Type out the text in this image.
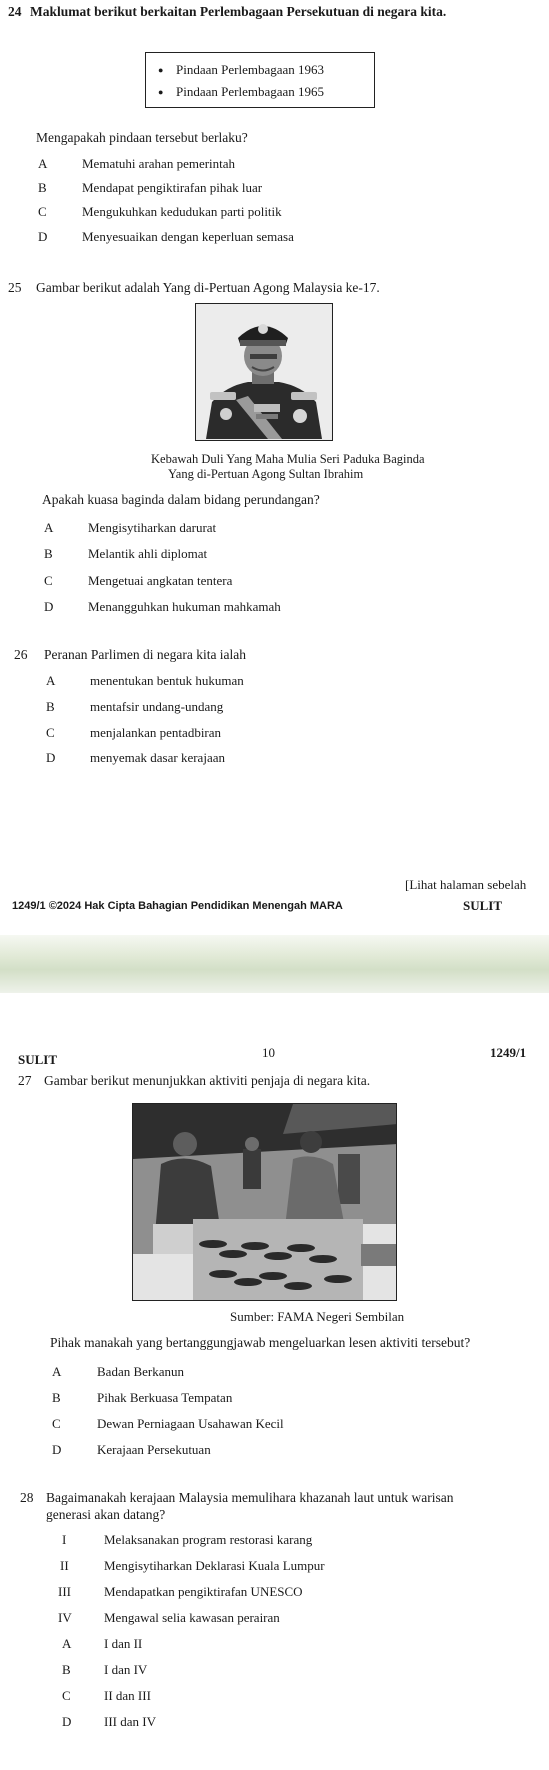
24 Maklumat berikut berkaitan Perlembagaan Persekutuan di negara kita.
● Pindaan Perlembagaan 1963
● Pindaan Perlembagaan 1965
Mengapakah pindaan tersebut berlaku?
A	Mematuhi arahan pemerintah
B	Mendapat pengiktirafan pihak luar
C	Mengukuhkan kedudukan parti politik
D	Menyesuaikan dengan keperluan semasa
25 Gambar berikut adalah Yang di-Pertuan Agong Malaysia ke-17.
Kebawah Duli Yang Maha Mulia Seri Paduka Baginda
Yang di-Pertuan Agong Sultan Ibrahim
Apakah kuasa baginda dalam bidang perundangan?
A	Mengisytiharkan darurat
B	Melantik ahli diplomat
C	Mengetuai angkatan tentera
D	Menangguhkan hukuman mahkamah
26 Peranan Parlimen di negara kita ialah
A	menentukan bentuk hukuman
B	mentafsir undang-undang
C	menjalankan pentadbiran
D	menyemak dasar kerajaan
[Lihat halaman sebelah
1249/1 ©2024 Hak Cipta Bahagian Pendidikan Menengah MARA	SULIT
SULIT	10	1249/1
27 Gambar berikut menunjukkan aktiviti penjaja di negara kita.
Sumber: FAMA Negeri Sembilan
Pihak manakah yang bertanggungjawab mengeluarkan lesen aktiviti tersebut?
A	Badan Berkanun
B	Pihak Berkuasa Tempatan
C	Dewan Perniagaan Usahawan Kecil
D	Kerajaan Persekutuan
28 Bagaimanakah kerajaan Malaysia memulihara khazanah laut untuk warisan
generasi akan datang?
I	Melaksanakan program restorasi karang
II	Mengisytiharkan Deklarasi Kuala Lumpur
III	Mendapatkan pengiktirafan UNESCO
IV Mengawal selia kawasan perairan
A	I dan II
B	I dan IV
C	II dan III
D	III dan IV
